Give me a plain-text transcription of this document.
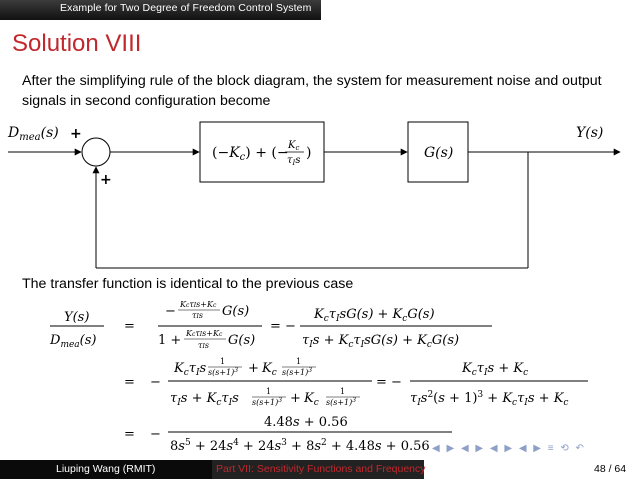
Example for Two Degree of Freedom Control System
Solution VIII
After the simplifying rule of the block diagram, the system for measurement noise and output signals in second configuration become
$D_{mea}(s)$ +
+
$(-K_c)$ + (− $K_c$
$\tau_Is$ )	G(s)
Y(s)
The transfer function is identical to the previous case
Y(s)
$D_{mea}(s)$
=
− KcτIs+Kc
τIs G(s)
1 + KcτIs+Kc
τIs G(s)
= −
$K_c\tau_IsG(s) + K_cG(s)$
$\tau_Is + K_c\tau_IsG(s) + K_cG(s)$
= −
$K_c\tau_Is$ 1
$s(s+1)^3 + K_c$
1
$s(s+1)^3$
$\tau_Is + K_c\tau_Is$	1
$s(s+1)^3 + K_c$
1
$s(s+1)^3$
= −
$K_c\tau_Is + K_c$
$\tau_Is^2(s + 1)^3 + K_c\tau_Is + K_c$
= −
4.48s + 0.56
$8s^5 + 24s^4 + 24s^3 + 8s^2 + 4.48s + 0.56$ ◀ ▶ ◀ ▶ ◀ ▶ ◀ ▶ ≡ ⟲ ↶
Liuping Wang (RMIT)	Part VII: Sensitivity Functions and Frequency	48 / 64
